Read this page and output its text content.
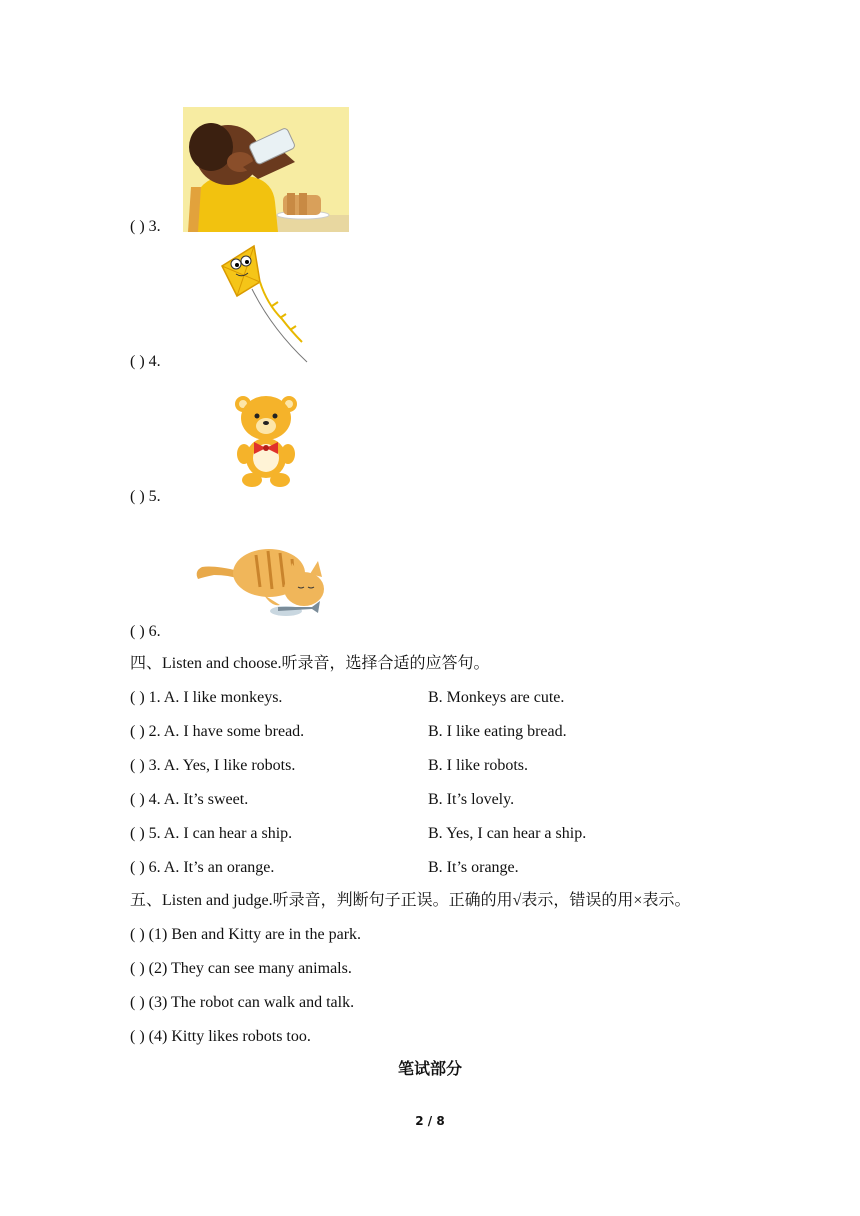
( ) 3.
( ) 4.
( ) 5.
( ) 6.
四、Listen and choose.听录音，选择合适的应答句。
( ) 1. A. I like monkeys.	B. Monkeys are cute.
( ) 2. A. I have some bread.	B. I like eating bread.
( ) 3. A. Yes, I like robots.	B. I like robots.
( ) 4. A. It’s sweet.	B. It’s lovely.
( ) 5. A. I can hear a ship.	B. Yes, I can hear a ship.
( ) 6. A. It’s an orange.	B. It’s orange.
五、Listen and judge.听录音，判断句子正误。正确的用√表示，错误的用×表示。
( ) (1) Ben and Kitty are in the park.
( ) (2) They can see many animals.
( ) (3) The robot can walk and talk.
( ) (4) Kitty likes robots too.
笔试部分
2 / 8
